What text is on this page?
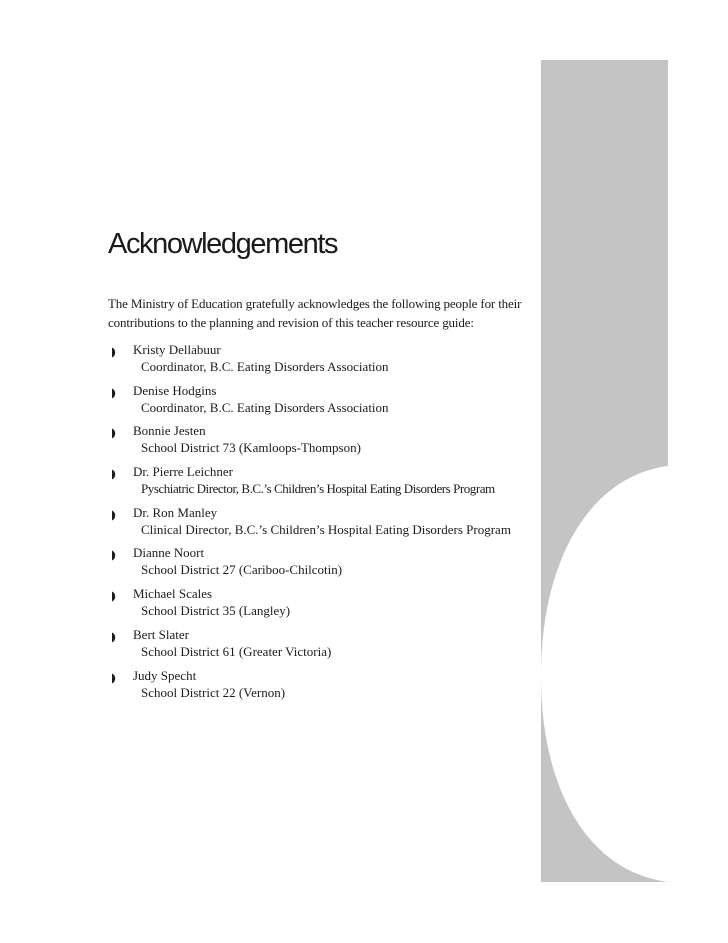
Acknowledgements

The Ministry of Education gratefully acknowledges the following people for their
contributions to the planning and revision of this teacher resource guide:

Kristy Dellabuur
Coordinator, B.C. Eating Disorders Association
Denise Hodgins
Coordinator, B.C. Eating Disorders Association
Bonnie Jesten
School District 73 (Kamloops-Thompson)
Dr. Pierre Leichner
Pyschiatric Director, B.C.’s Children’s Hospital Eating Disorders Program
Dr. Ron Manley
Clinical Director, B.C.’s Children’s Hospital Eating Disorders Program
Dianne Noort
School District 27 (Cariboo-Chilcotin)
Michael Scales
School District 35 (Langley)
Bert Slater
School District 61 (Greater Victoria)
Judy Specht
School District 22 (Vernon)
